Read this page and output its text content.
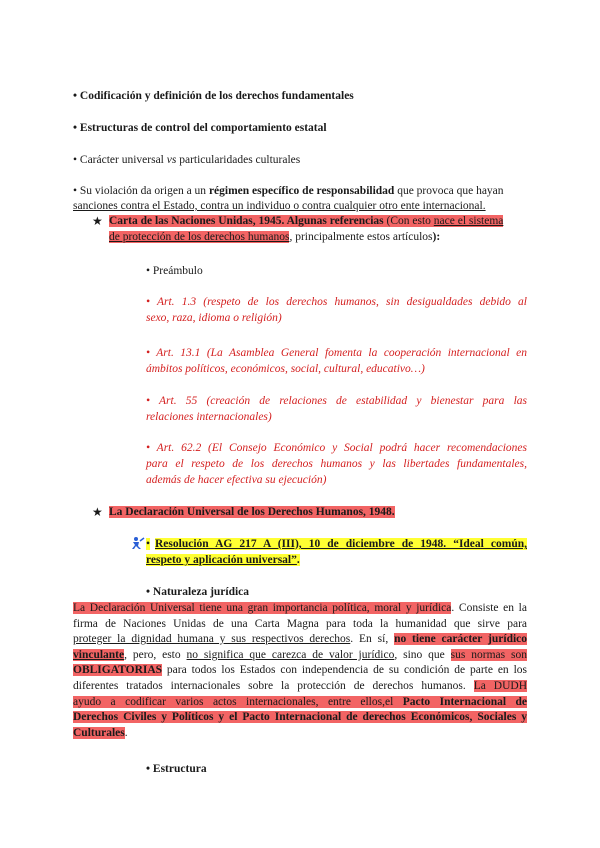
• Codificación y definición de los derechos fundamentales
• Estructuras de control del comportamiento estatal
• Carácter universal vs particularidades culturales
• Su violación da origen a un régimen específico de responsabilidad que provoca que hayan
sanciones contra el Estado, contra un individuo o contra cualquier otro ente internacional.
★ Carta de las Naciones Unidas, 1945. Algunas referencias (Con esto nace el sistema
de protección de los derechos humanos, principalmente estos artículos):
• Preámbulo
• Art. 1.3 (respeto de los derechos humanos, sin desigualdades debido al
sexo, raza, idioma o religión)
• Art. 13.1 (La Asamblea General fomenta la cooperación internacional en
ámbitos políticos, económicos, social, cultural, educativo…)
• Art. 55 (creación de relaciones de estabilidad y bienestar para las
relaciones internacionales)
• Art. 62.2 (El Consejo Económico y Social podrá hacer recomendaciones
para el respeto de los derechos humanos y las libertades fundamentales,
además de hacer efectiva su ejecución)
★ La Declaración Universal de los Derechos Humanos, 1948.
• Resolución AG 217 A (III), 10 de diciembre de 1948. “Ideal común,
respeto y aplicación universal”.
• Naturaleza jurídica
La Declaración Universal tiene una gran importancia política, moral y jurídica. Consiste en la
firma de Naciones Unidas de una Carta Magna para toda la humanidad que sirve para
proteger la dignidad humana y sus respectivos derechos. En sí, no tiene carácter jurídico
vinculante, pero, esto no significa que carezca de valor jurídico, sino que sus normas son
OBLIGATORIAS para todos los Estados con independencia de su condición de parte en los
diferentes tratados internacionales sobre la protección de derechos humanos. La DUDH
ayudo a codificar varios actos internacionales, entre ellos,el Pacto Internacional de
Derechos Civiles y Políticos y el Pacto Internacional de derechos Económicos, Sociales y
Culturales.
• Estructura
